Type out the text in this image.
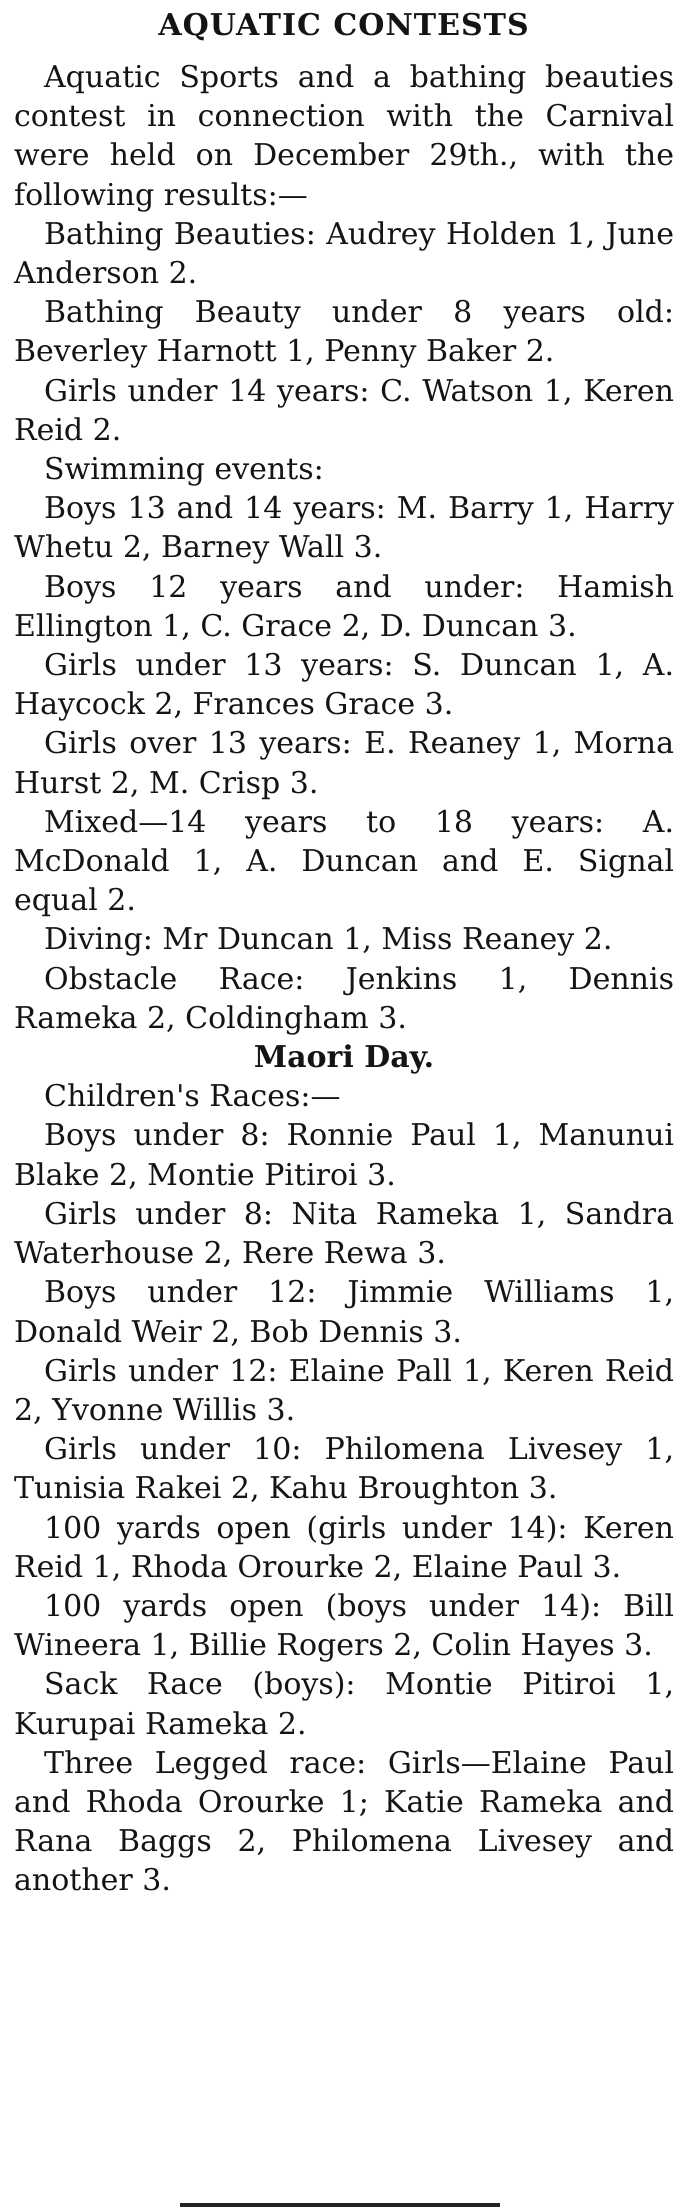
AQUATIC CONTESTS

Aquatic Sports and a bathing beauties contest in connection with the Carnival were held on December 29th., with the following results:—

Bathing Beauties: Audrey Holden 1, June Anderson 2.

Bathing Beauty under 8 years old: Beverley Harnott 1, Penny Baker 2.

Girls under 14 years: C. Watson 1, Keren Reid 2.

Swimming events:

Boys 13 and 14 years: M. Barry 1, Harry Whetu 2, Barney Wall 3.

Boys 12 years and under: Hamish Ellington 1, C. Grace 2, D. Duncan 3.

Girls under 13 years: S. Duncan 1, A. Haycock 2, Frances Grace 3.

Girls over 13 years: E. Reaney 1, Morna Hurst 2, M. Crisp 3.

Mixed—14 years to 18 years: A. McDonald 1, A. Duncan and E. Signal equal 2.

Diving: Mr Duncan 1, Miss Reaney 2.

Obstacle Race: Jenkins 1, Dennis Rameka 2, Coldingham 3.

Maori Day.

Children's Races:—

Boys under 8: Ronnie Paul 1, Manunui Blake 2, Montie Pitiroi 3.

Girls under 8: Nita Rameka 1, Sandra Waterhouse 2, Rere Rewa 3.

Boys under 12: Jimmie Williams 1, Donald Weir 2, Bob Dennis 3.

Girls under 12: Elaine Pall 1, Keren Reid 2, Yvonne Willis 3.

Girls under 10: Philomena Livesey 1, Tunisia Rakei 2, Kahu Broughton 3.

100 yards open (girls under 14): Keren Reid 1, Rhoda Orourke 2, Elaine Paul 3.

100 yards open (boys under 14): Bill Wineera 1, Billie Rogers 2, Colin Hayes 3.

Sack Race (boys): Montie Pitiroi 1, Kurupai Rameka 2.

Three Legged race: Girls—Elaine Paul and Rhoda Orourke 1; Katie Rameka and Rana Baggs 2, Philomena Livesey and another 3.
